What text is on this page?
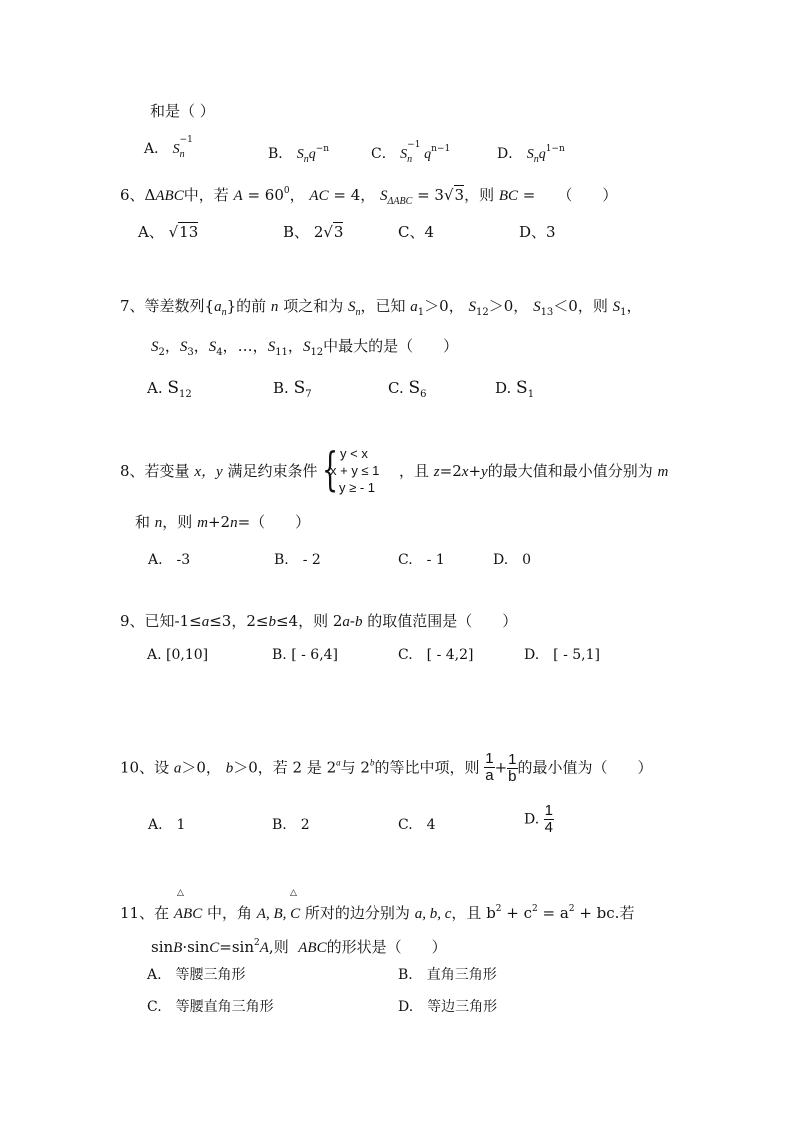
和是（ ）
A． $S_n$
−1
B． $S_nq^{-n}$	C． $S_n$
−1
$q^{n-1}$	D． $S_nq^{1-n}$
6、ΔABC中，若 $A = 60^0$， AC = 4， $S_{\Delta ABC} = 3√3$，则 BC = （　　）
A、 √13	B、 2√3	C、4	D、3
7、等差数列$\{a_n\}$的前 n 项之和为 $S_n$，已知 $a_1>0$， $S_{12}>0$， $S_{13}<0$，则 $S_1$，
$S_2$，$S_3$，$S_4$，…，$S_{11}$，$S_{12}$中最大的是（　　）
A. $S_{12}$	B. $S_7$	C. $S_6$	D. $S_1$
8、若变量 x，y 满足约束条件 { y < x
x + y ≤ 1
y ≥ - 1
，且 z=2x+y的最大值和最小值分别为 m
和 n，则 m+2n=（　　）
A.　-3	B.　- 2	C.　- 1	D.　0
9、已知-1≤a≤3，2≤b≤4，则 2a-b 的取值范围是（　　）
A. [0,10]	B. [ - 6,4]	C.　[ - 4,2]	D.　[ - 5,1]
10、设 a＞0， b＞0，若 2 是 2$^a$与 2$^b$的等比中项，则 $\frac{1}{a} + \frac{1}{b}$ 的最小值为（　　）
A.　1	B.　2	C.　4	D. $\frac{1}{4}$
△	△
11、在 ABC 中，角 A, B, C 所对的边分别为 a, b, c，且 $b^2 + c^2 = a^2$ + bc.若
$\sin B\cdot\sin C=\sin^2A$,则 ABC的形状是（　　）
A.　等腰三角形	B.　直角三角形
C.　等腰直角三角形	D.　等边三角形
